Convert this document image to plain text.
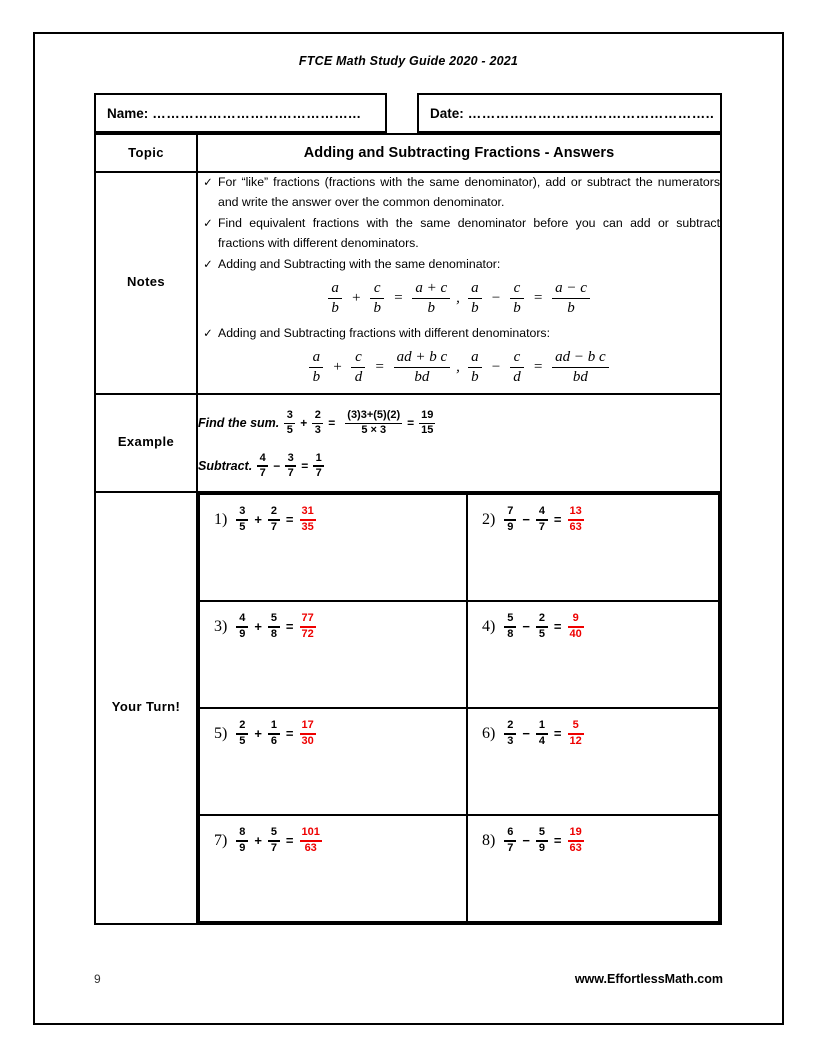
FTCE Math Study Guide 2020 - 2021
Name: ……………………………………...	Date: ……………………………………………..
Topic	Adding and Subtracting Fractions - Answers
Notes	
✓ For “like” fractions (fractions with the same denominator), add or subtract the numerators and write the answer over the common denominator.
✓ Find equivalent fractions with the same denominator before you can add or subtract fractions with different denominators.
✓ Adding and Subtracting with the same denominator:
$\frac{a}{b} + \frac{c}{b} = \frac{a + c}{b}$ , $\frac{a}{b} - \frac{c}{b} = \frac{a - c}{b}$
✓ Adding and Subtracting fractions with different denominators:
$\frac{a}{b} + \frac{c}{d} = \frac{\text{ad + b c}}{bd}$ , $\frac{a}{b} - \frac{c}{d} = \frac{\text{ad − b c}}{bd}$

Example	
Find the sum. $\frac{3}{5} + \frac{2}{3} = \frac{(3)3+(5)(2)}{5 \times 3} = \frac{19}{15}$
Subtract. $\frac{4}{7} - \frac{3}{7} = \frac{1}{7}$

Your Turn!	
$1) \frac{3}{5} + \frac{2}{7} = \frac{31}{35}$	$2) \frac{7}{9} - \frac{4}{7} = \frac{13}{63}$

$3) \frac{4}{9} + \frac{5}{8} = \frac{77}{72}$	$4) \frac{5}{8} - \frac{2}{5} = \frac{9}{40}$

$5) \frac{2}{5} + \frac{1}{6} = \frac{17}{30}$	$6) \frac{2}{3} - \frac{1}{4} = \frac{5}{12}$

$7) \frac{8}{9} + \frac{5}{7} = \frac{101}{63}$	$8) \frac{6}{7} - \frac{5}{9} = \frac{19}{63}$
9	www.EffortlessMath.com
